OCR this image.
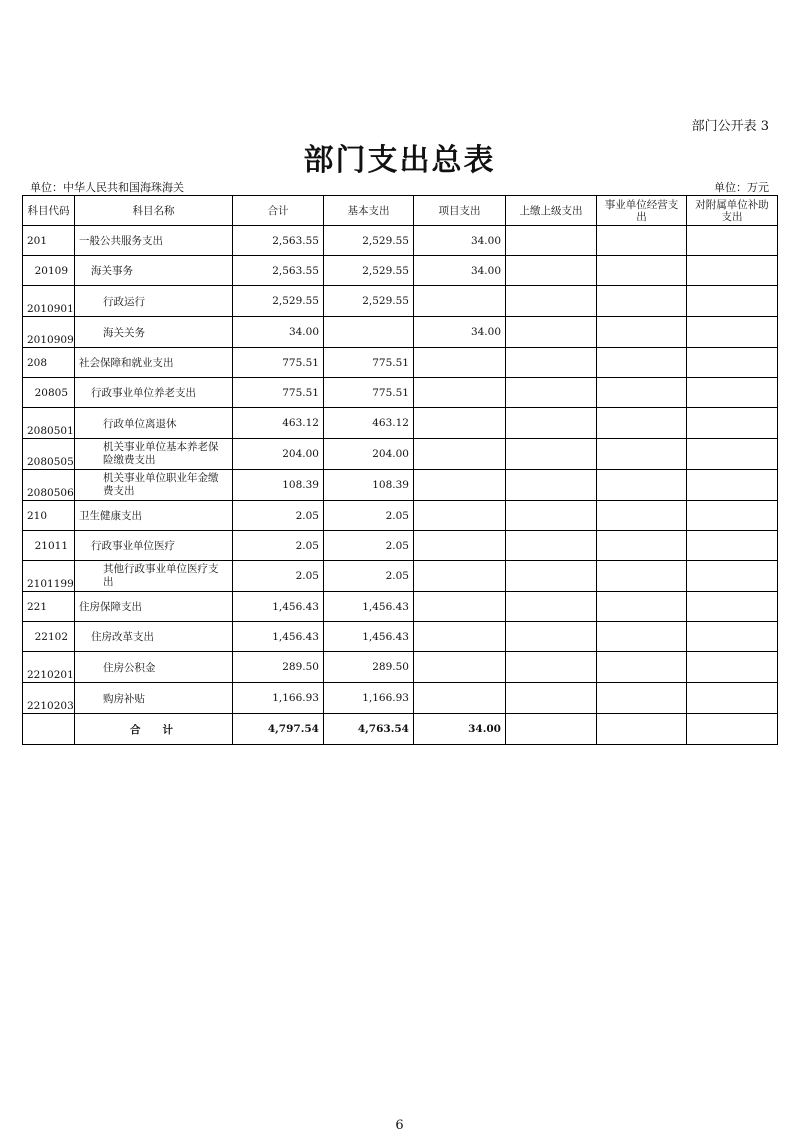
部门公开表 3
部门支出总表
单位：中华人民共和国海珠海关	单位：万元
科目代码	科目名称	合计	基本支出	项目支出	上缴上级支出	事业单位经营支出	对附属单位补助支出
201	一般公共服务支出	2,563.55	2,529.55	34.00			
20109	海关事务	2,563.55	2,529.55	34.00			
2010901	行政运行	2,529.55	2,529.55				
2010909	海关关务	34.00		34.00			
208	社会保障和就业支出	775.51	775.51				
20805	行政事业单位养老支出	775.51	775.51				
2080501	行政单位离退休	463.12	463.12				
2080505	机关事业单位基本养老保险缴费支出	204.00	204.00				
2080506	机关事业单位职业年金缴费支出	108.39	108.39				
210	卫生健康支出	2.05	2.05				
21011	行政事业单位医疗	2.05	2.05				
2101199	其他行政事业单位医疗支出	2.05	2.05				
221	住房保障支出	1,456.43	1,456.43				
22102	住房改革支出	1,456.43	1,456.43				
2210201	住房公积金	289.50	289.50				
2210203	购房补贴	1,166.93	1,166.93				
	合计	4,797.54	4,763.54	34.00			
6
